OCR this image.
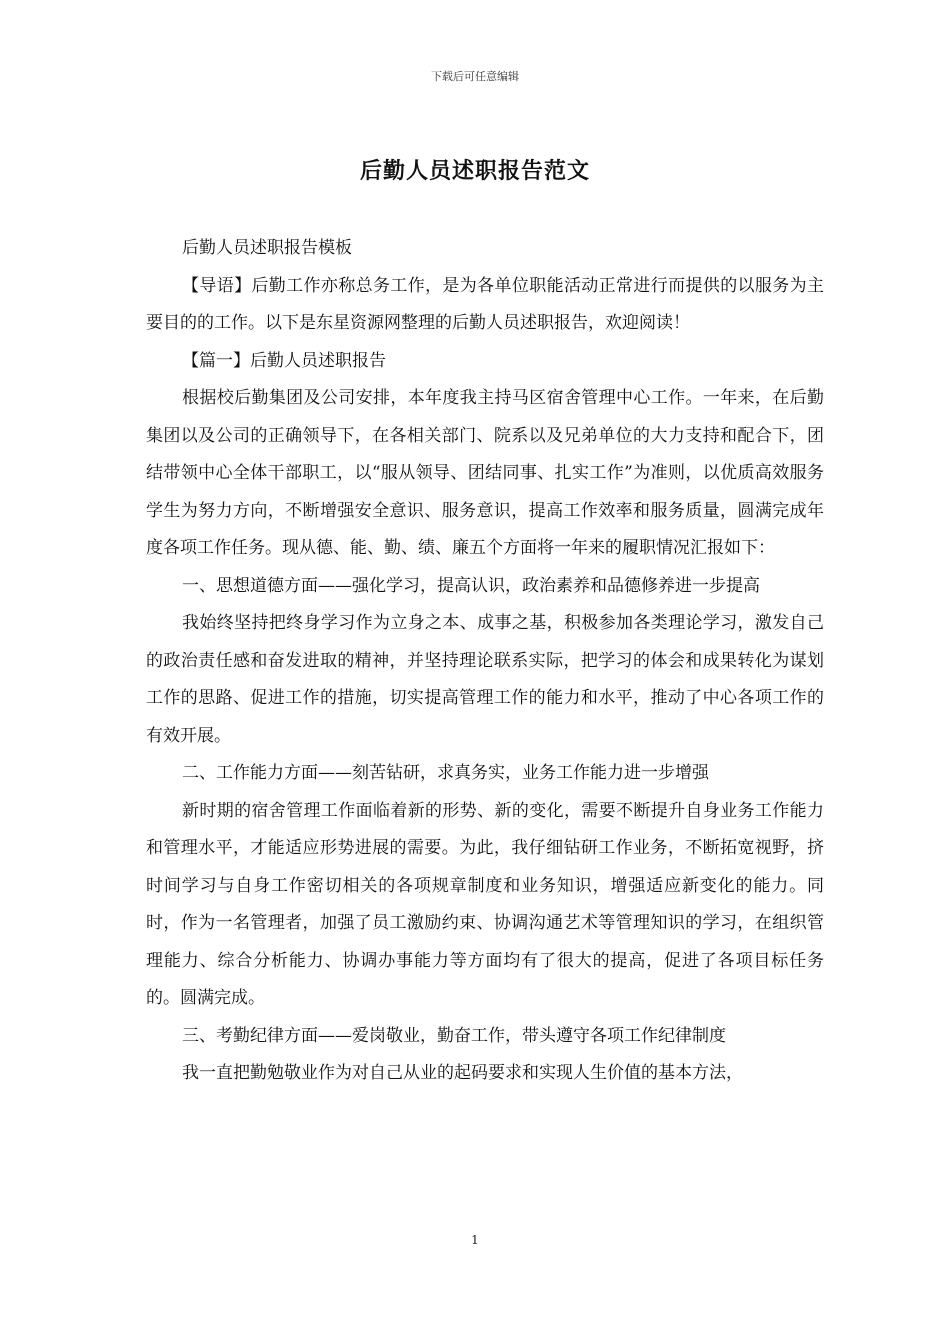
下载后可任意编辑
后勤人员述职报告范文

后勤人员述职报告模板

【导语】后勤工作亦称总务工作，是为各单位职能活动正常进行而提供的以服务为主要目的的工作。以下是东星资源网整理的后勤人员述职报告，欢迎阅读！

【篇一】后勤人员述职报告

根据校后勤集团及公司安排，本年度我主持马区宿舍管理中心工作。一年来，在后勤集团以及公司的正确领导下，在各相关部门、院系以及兄弟单位的大力支持和配合下，团结带领中心全体干部职工，以“服从领导、团结同事、扎实工作”为准则，以优质高效服务学生为努力方向，不断增强安全意识、服务意识，提高工作效率和服务质量，圆满完成年度各项工作任务。现从德、能、勤、绩、廉五个方面将一年来的履职情况汇报如下：

一、思想道德方面——强化学习，提高认识，政治素养和品德修养进一步提高

我始终坚持把终身学习作为立身之本、成事之基，积极参加各类理论学习，激发自己的政治责任感和奋发进取的精神，并坚持理论联系实际，把学习的体会和成果转化为谋划工作的思路、促进工作的措施，切实提高管理工作的能力和水平，推动了中心各项工作的有效开展。

二、工作能力方面——刻苦钻研，求真务实，业务工作能力进一步增强

新时期的宿舍管理工作面临着新的形势、新的变化，需要不断提升自身业务工作能力和管理水平，才能适应形势进展的需要。为此，我仔细钻研工作业务，不断拓宽视野，挤时间学习与自身工作密切相关的各项规章制度和业务知识，增强适应新变化的能力。同时，作为一名管理者，加强了员工激励约束、协调沟通艺术等管理知识的学习，在组织管理能力、综合分析能力、协调办事能力等方面均有了很大的提高，促进了各项目标任务的。圆满完成。

三、考勤纪律方面——爱岗敬业，勤奋工作，带头遵守各项工作纪律制度

我一直把勤勉敬业作为对自己从业的起码要求和实现人生价值的基本方法，

1
